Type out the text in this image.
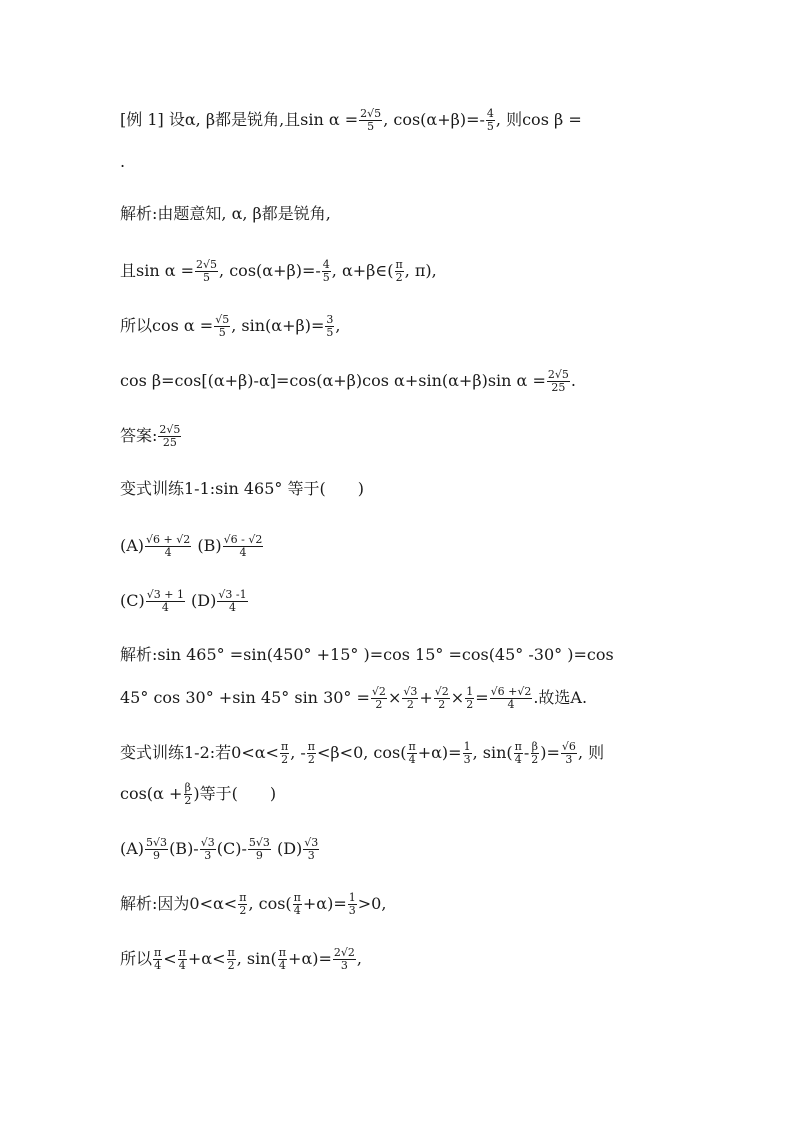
[例 1] 设α, β都是锐角,且$\sin \alpha = \frac{2√5}{5}$ , $\cos(\alpha+\beta)=- \frac{4}{5}$ , 则cos β =
.
解析:由题意知, α, β都是锐角,
且$\sin \alpha = \frac{2√5}{5}$ , $\cos(\alpha+\beta)=- \frac{4}{5}$ , α+β∈( $\frac{\pi}{2}$ , π),
所以$\cos \alpha = \frac{√5}{5}$ , $\sin(\alpha+\beta)= \frac{3}{5}$ ,
cos β=cos[(α+β)-α]=cos(α+β)cos α+sin(α+β)sin $\alpha = \frac{2√5}{25}$ .
答案: $\frac{2√5}{25}$
变式训练1-1:sin 465° 等于(　　)
$(A) \frac{√6 + √2}{4} (B) \frac{√6 - √2}{4}$
$(C) \frac{√3 + 1}{4} (D) \frac{√3 -1}{4}$
解析:sin 465° =sin(450° +15° )=cos 15° =cos(45° -30° )=cos
45° cos 30° +sin 45° $\sin 30^\circ = \frac{√2}{2} \times \frac{√3}{2} + \frac{√2}{2} \times \frac{1}{2} = \frac{√6 +√2}{4}$ .故选A.
变式训练1-2:若$0<\alpha< \frac{\pi}{2}$ , - $\frac{\pi}{2} <\beta<0$, $\cos( \frac{\pi}{4} +\alpha)= \frac{1}{3}$ , $\sin( \frac{\pi}{4} - \frac{\beta}{2}$ )= $\frac{√6}{3}$ , 则
$\cos(\alpha + \frac{\beta}{2}$ )等于(　　)
$(A) \frac{5√3}{9} (B)- \frac{√3}{3} (C)- \frac{5√3}{9} (D) \frac{√3}{3}$
解析:因为$0<\alpha< \frac{\pi}{2}$ , $\cos( \frac{\pi}{4} +\alpha)= \frac{1}{3} >0$,
所以 $\frac{\pi}{4} < \frac{\pi}{4} +\alpha< \frac{\pi}{2}$ , $\sin( \frac{\pi}{4} +\alpha)= \frac{2√2}{3}$ ,
